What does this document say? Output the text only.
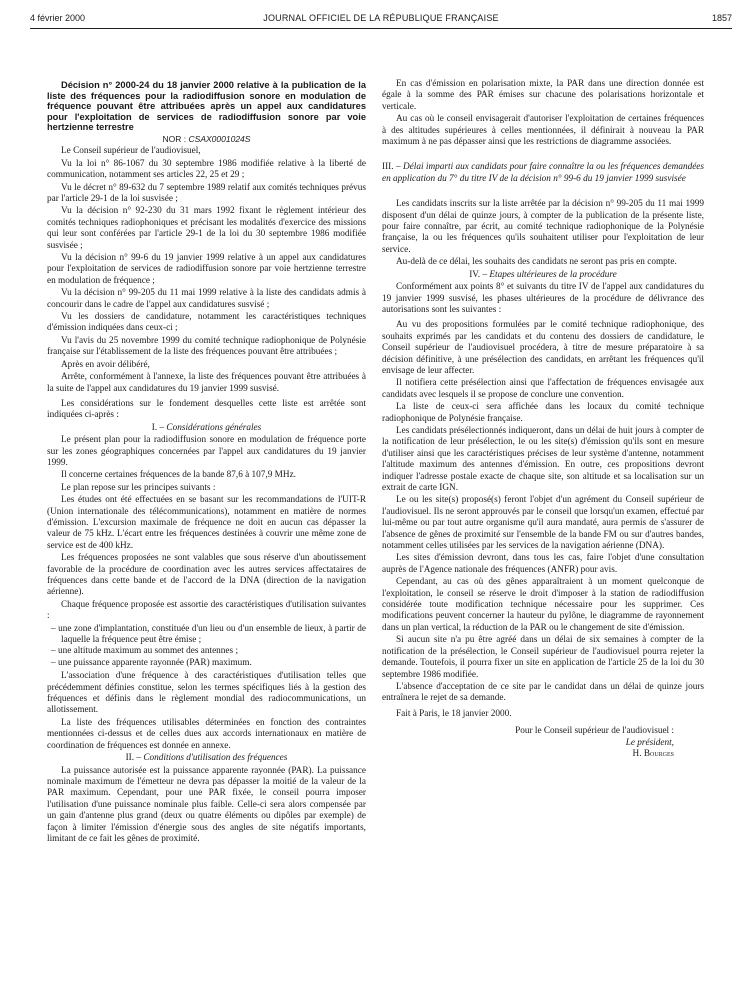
4 février 2000	JOURNAL OFFICIEL DE LA RÉPUBLIQUE FRANÇAISE	1857

Décision n° 2000-24 du 18 janvier 2000 relative à la publication de la liste des fréquences pour la radiodiffusion sonore en modulation de fréquence pouvant être attribuées après un appel aux candidatures pour l'exploitation de services de radiodiffusion sonore par voie hertzienne terrestre

NOR : CSAX0001024S

Le Conseil supérieur de l'audiovisuel,

Vu la loi n° 86-1067 du 30 septembre 1986 modifiée relative à la liberté de communication, notamment ses articles 22, 25 et 29 ;

Vu le décret n° 89-632 du 7 septembre 1989 relatif aux comités techniques prévus par l'article 29-1 de la loi susvisée ;

Vu la décision n° 92-230 du 31 mars 1992 fixant le règlement intérieur des comités techniques radiophoniques et précisant les modalités d'exercice des missions qui leur sont conférées par l'article 29-1 de la loi du 30 septembre 1986 modifiée susvisée ;

Vu la décision n° 99-6 du 19 janvier 1999 relative à un appel aux candidatures pour l'exploitation de services de radiodiffusion sonore par voie hertzienne terrestre en modulation de fréquence ;

Vu la décision n° 99-205 du 11 mai 1999 relative à la liste des candidats admis à concourir dans le cadre de l'appel aux candidatures susvisé ;

Vu les dossiers de candidature, notamment les caractéristiques techniques d'émission indiquées dans ceux-ci ;

Vu l'avis du 25 novembre 1999 du comité technique radiophonique de Polynésie française sur l'établissement de la liste des fréquences pouvant être attribuées ;

Après en avoir délibéré,

Arrête, conformément à l'annexe, la liste des fréquences pouvant être attribuées à la suite de l'appel aux candidatures du 19 janvier 1999 susvisé.

Les considérations sur le fondement desquelles cette liste est arrêtée sont indiquées ci-après :

I. – Considérations générales

Le présent plan pour la radiodiffusion sonore en modulation de fréquence porte sur les zones géographiques concernées par l'appel aux candidatures du 19 janvier 1999.

Il concerne certaines fréquences de la bande 87,6 à 107,9 MHz.

Le plan repose sur les principes suivants :

Les études ont été effectuées en se basant sur les recommandations de l'UIT-R (Union internationale des télécommunications), notamment en matière de normes d'émission. L'excursion maximale de fréquence ne doit en aucun cas dépasser la valeur de 75 kHz. L'écart entre les fréquences destinées à couvrir une même zone de service est de 400 kHz.

Les fréquences proposées ne sont valables que sous réserve d'un aboutissement favorable de la procédure de coordination avec les autres services affectataires de fréquences dans cette bande et de l'accord de la DNA (direction de la navigation aérienne).

Chaque fréquence proposée est assortie des caractéristiques d'utilisation suivantes :

– une zone d'implantation, constituée d'un lieu ou d'un ensemble de lieux, à partir de laquelle la fréquence peut être émise ;
– une altitude maximum au sommet des antennes ;
– une puissance apparente rayonnée (PAR) maximum.

L'association d'une fréquence à des caractéristiques d'utilisation telles que précédemment définies constitue, selon les termes spécifiques liés à la gestion des fréquences et définis dans le règlement mondial des radiocommunications, un allotissement.

La liste des fréquences utilisables déterminées en fonction des contraintes mentionnées ci-dessus et de celles dues aux accords internationaux en matière de coordination de fréquences est donnée en annexe.

II. – Conditions d'utilisation des fréquences

La puissance autorisée est la puissance apparente rayonnée (PAR). La puissance nominale maximum de l'émetteur ne devra pas dépasser la moitié de la valeur de la PAR maximum. Cependant, pour une PAR fixée, le conseil pourra imposer l'utilisation d'une puissance nominale plus faible. Celle-ci sera alors compensée par un gain d'antenne plus grand (deux ou quatre éléments ou dipôles par exemple) de façon à limiter l'émission d'énergie sous des angles de site négatifs importants, limitant de ce fait les gênes de proximité.

En cas d'émission en polarisation mixte, la PAR dans une direction donnée est égale à la somme des PAR émises sur chacune des polarisations horizontale et verticale.

Au cas où le conseil envisagerait d'autoriser l'exploitation de certaines fréquences à des altitudes supérieures à celles mentionnées, il définirait à nouveau la PAR maximum à ne pas dépasser ainsi que les restrictions de diagramme associées.

III. – Délai imparti aux candidats pour faire connaître la ou les fréquences demandées en application du 7° du titre IV de la décision n° 99-6 du 19 janvier 1999 susvisée

Les candidats inscrits sur la liste arrêtée par la décision n° 99-205 du 11 mai 1999 disposent d'un délai de quinze jours, à compter de la publication de la présente liste, pour faire connaître, par écrit, au comité technique radiophonique de la Polynésie française, la ou les fréquences qu'ils souhaitent utiliser pour l'exploitation de leur service.

Au-delà de ce délai, les souhaits des candidats ne seront pas pris en compte.

IV. – Etapes ultérieures de la procédure

Conformément aux points 8° et suivants du titre IV de l'appel aux candidatures du 19 janvier 1999 susvisé, les phases ultérieures de la procédure de délivrance des autorisations sont les suivantes :

Au vu des propositions formulées par le comité technique radiophonique, des souhaits exprimés par les candidats et du contenu des dossiers de candidature, le Conseil supérieur de l'audiovisuel procédera, à titre de mesure préparatoire à sa décision définitive, à une présélection des candidats, en arrêtant les fréquences qu'il envisage de leur affecter.

Il notifiera cette présélection ainsi que l'affectation de fréquences envisagée aux candidats avec lesquels il se propose de conclure une convention.

La liste de ceux-ci sera affichée dans les locaux du comité technique radiophonique de Polynésie française.

Les candidats présélectionnés indiqueront, dans un délai de huit jours à compter de la notification de leur présélection, le ou les site(s) d'émission qu'ils sont en mesure d'utiliser ainsi que les caractéristiques précises de leur système d'antenne, notamment l'altitude maximum des antennes d'émission. En outre, ces propositions devront indiquer l'adresse postale exacte de chaque site, son altitude et sa localisation sur un extrait de carte IGN.

Le ou les site(s) proposé(s) feront l'objet d'un agrément du Conseil supérieur de l'audiovisuel. Ils ne seront approuvés par le conseil que lorsqu'un examen, effectué par lui-même ou par tout autre organisme qu'il aura mandaté, aura permis de s'assurer de l'absence de gênes de proximité sur l'ensemble de la bande FM ou sur d'autres bandes, notamment celles utilisées par les services de la navigation aérienne (DNA).

Les sites d'émission devront, dans tous les cas, faire l'objet d'une consultation auprès de l'Agence nationale des fréquences (ANFR) pour avis.

Cependant, au cas où des gênes apparaîtraient à un moment quelconque de l'exploitation, le conseil se réserve le droit d'imposer à la station de radiodiffusion considérée toute modification technique nécessaire pour les supprimer. Ces modifications peuvent concerner la hauteur du pylône, le diagramme de rayonnement dans un plan vertical, la réduction de la PAR ou le changement de site d'émission.

Si aucun site n'a pu être agréé dans un délai de six semaines à compter de la notification de la présélection, le Conseil supérieur de l'audiovisuel pourra rejeter la demande. Toutefois, il pourra fixer un site en application de l'article 25 de la loi du 30 septembre 1986 modifiée.

L'absence d'acceptation de ce site par le candidat dans un délai de quinze jours entraînera le rejet de sa demande.

Fait à Paris, le 18 janvier 2000.

Pour le Conseil supérieur de l'audiovisuel :
Le président,
H. Bourges
